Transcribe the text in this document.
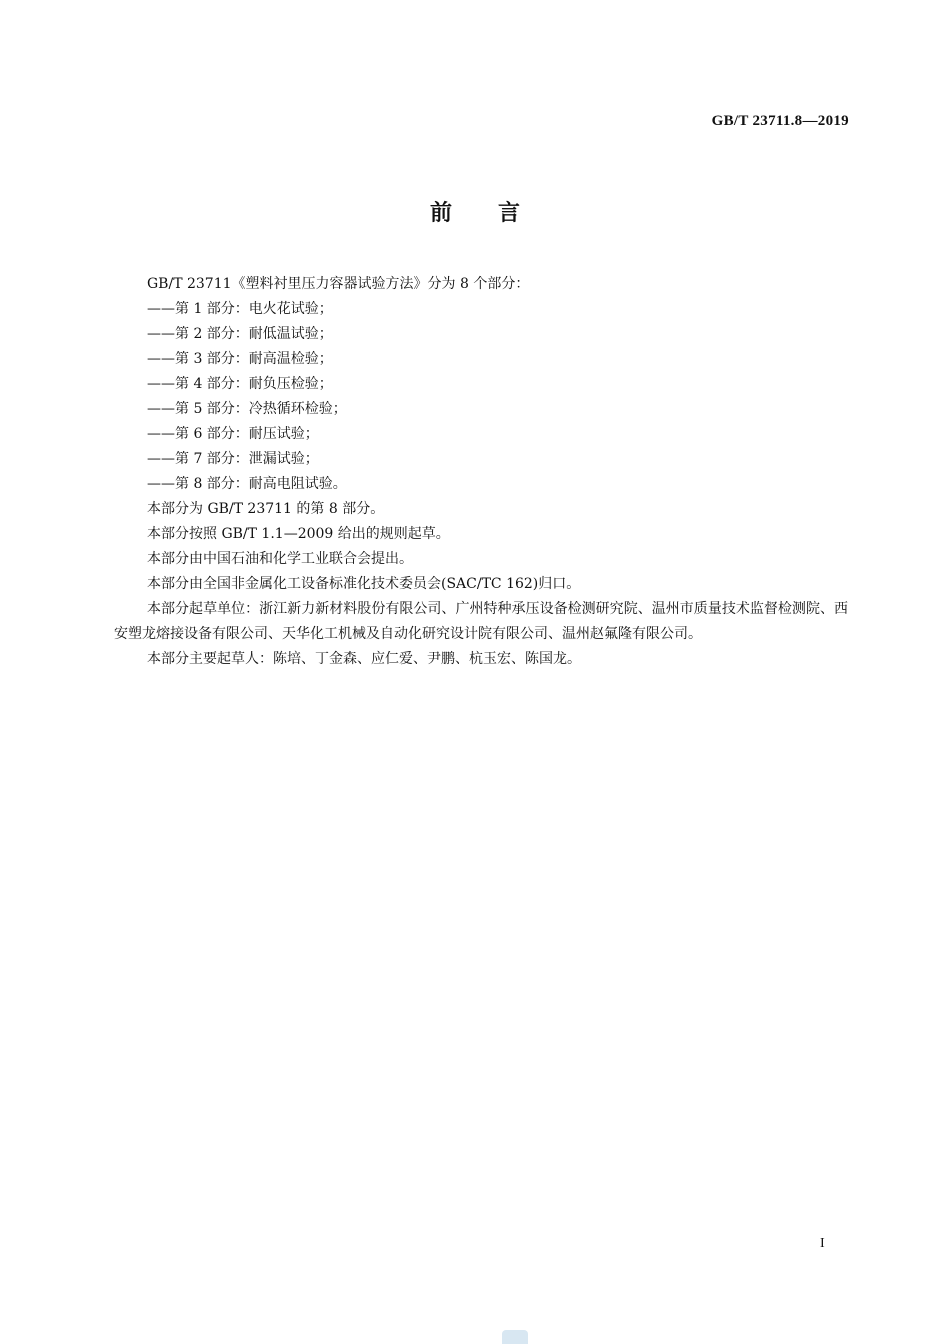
GB/T 23711.8—2019
前言

GB/T 23711《塑料衬里压力容器试验方法》分为 8 个部分：

——第 1 部分：电火花试验；

——第 2 部分：耐低温试验；

——第 3 部分：耐高温检验；

——第 4 部分：耐负压检验；

——第 5 部分：冷热循环检验；

——第 6 部分：耐压试验；

——第 7 部分：泄漏试验；

——第 8 部分：耐高电阻试验。

本部分为 GB/T 23711 的第 8 部分。

本部分按照 GB/T 1.1—2009 给出的规则起草。

本部分由中国石油和化学工业联合会提出。

本部分由全国非金属化工设备标准化技术委员会(SAC/TC 162)归口。

本部分起草单位：浙江新力新材料股份有限公司、广州特种承压设备检测研究院、温州市质量技术监督检测院、西安塑龙熔接设备有限公司、天华化工机械及自动化研究设计院有限公司、温州赵氟隆有限公司。

本部分主要起草人：陈培、丁金森、应仁爱、尹鹏、杭玉宏、陈国龙。

I
